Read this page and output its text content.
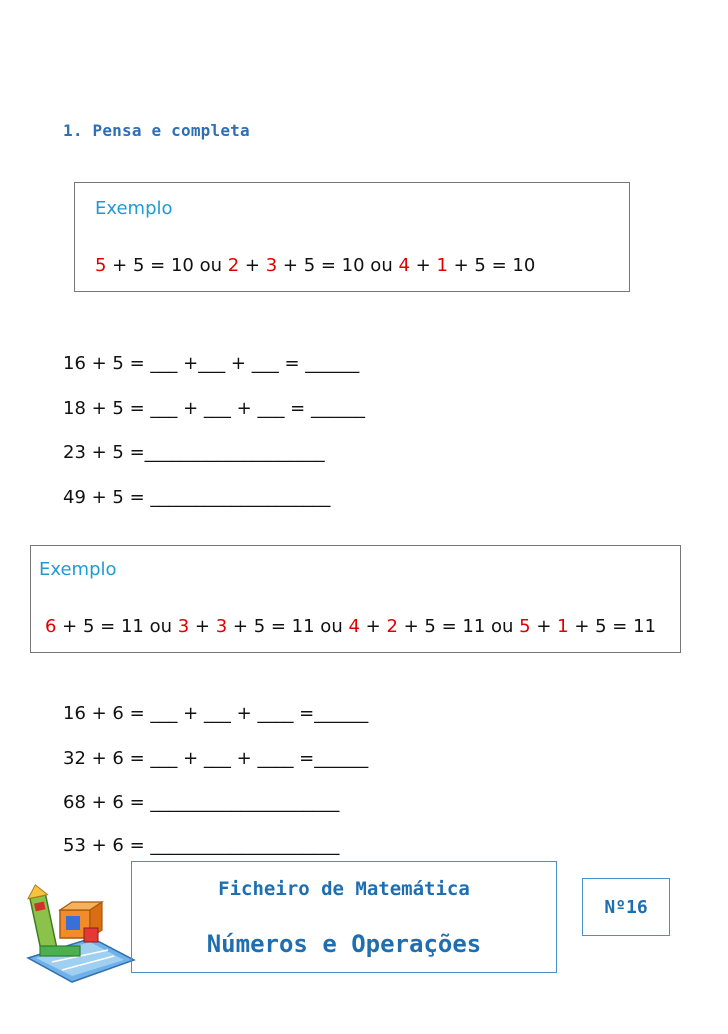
1. Pensa e completa
Exemplo
5 + 5 = 10 ou 2 + 3 + 5 = 10 ou 4 + 1 + 5 = 10
16 + 5 = ___ +___ + ___ = ______
18 + 5 = ___ + ___ + ___ = ______
23 + 5 =____________________
49 + 5 = ____________________
Exemplo
6 + 5 = 11 ou 3 + 3 + 5 = 11 ou 4 + 2 + 5 = 11 ou 5 + 1 + 5 = 11
16 + 6 = ___ + ___ + ____ =______
32 + 6 = ___ + ___ + ____ =______
68 + 6 = _____________________
53 + 6 = _____________________
Ficheiro de Matemática
Números e Operações
Nº16
